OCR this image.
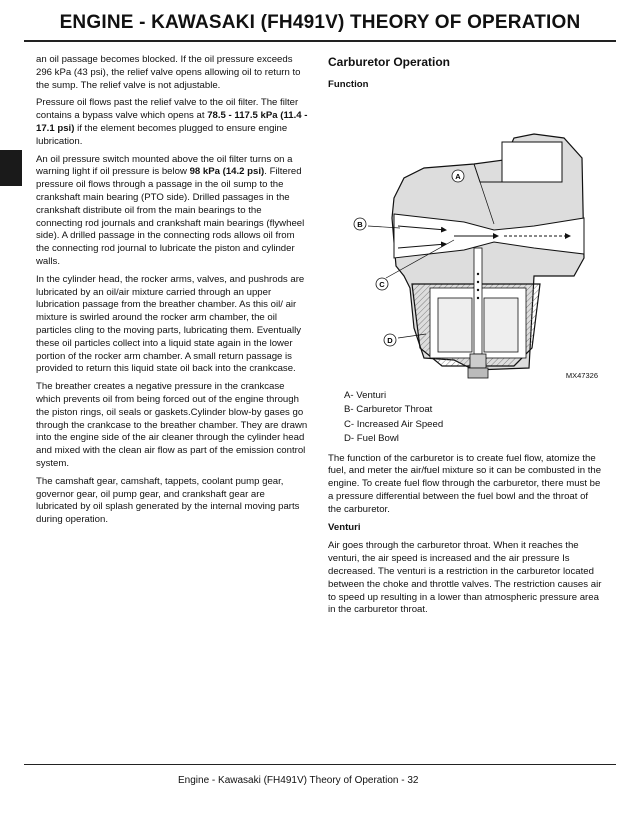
ENGINE - KAWASAKI (FH491V) THEORY OF OPERATION

an oil passage becomes blocked. If the oil pressure exceeds 296 kPa (43 psi), the relief valve opens allowing oil to return to the sump. The relief valve is not adjustable.

Pressure oil flows past the relief valve to the oil filter. The filter contains a bypass valve which opens at 78.5 - 117.5 kPa (11.4 - 17.1 psi) if the element becomes plugged to ensure engine lubrication.

An oil pressure switch mounted above the oil filter turns on a warning light if oil pressure is below 98 kPa (14.2 psi). Filtered pressure oil flows through a passage in the oil sump to the crankshaft main bearing (PTO side). Drilled passages in the crankshaft distribute oil from the main bearings to the connecting rod journals and crankshaft main bearings (flywheel side). A drilled passage in the connecting rods allows oil from the connecting rod journal to lubricate the piston and cylinder walls.

In the cylinder head, the rocker arms, valves, and pushrods are lubricated by an oil/air mixture carried through an upper lubrication passage from the breather chamber. As this oil/ air mixture is swirled around the rocker arm chamber, the oil particles cling to the moving parts, lubricating them. Eventually these oil particles collect into a liquid state again in the lower portion of the rocker arm chamber. A small return passage is provided to return this liquid state oil back into the crankcase.

The breather creates a negative pressure in the crankcase which prevents oil from being forced out of the engine through the piston rings, oil seals or gaskets.Cylinder blow-by gases go through the crankcase to the breather chamber. They are drawn into the engine side of the air cleaner through the cylinder head and mixed with the clean air flow as part of the emission control system.

The camshaft gear, camshaft, tappets, coolant pump gear, governor gear, oil pump gear, and crankshaft gear are lubricated by oil splash generated by the internal moving parts during operation.

Carburetor Operation
Function
A
B
C
D
MX47326
A- Venturi
B- Carburetor Throat
C- Increased Air Speed
D- Fuel Bowl

The function of the carburetor is to create fuel flow, atomize the fuel, and meter the air/fuel mixture so it can be combusted in the engine. To create fuel flow through the carburetor, there must be a pressure differential between the fuel bowl and the throat of the carburetor.

Venturi

Air goes through the carburetor throat. When it reaches the venturi, the air speed is increased and the air pressure Is decreased. The venturi is a restriction in the carburetor located between the choke and throttle valves. The restriction causes air to speed up resulting in a lower than atmospheric pressure area in the carburetor throat.

Engine - Kawasaki (FH491V) Theory of Operation - 32
